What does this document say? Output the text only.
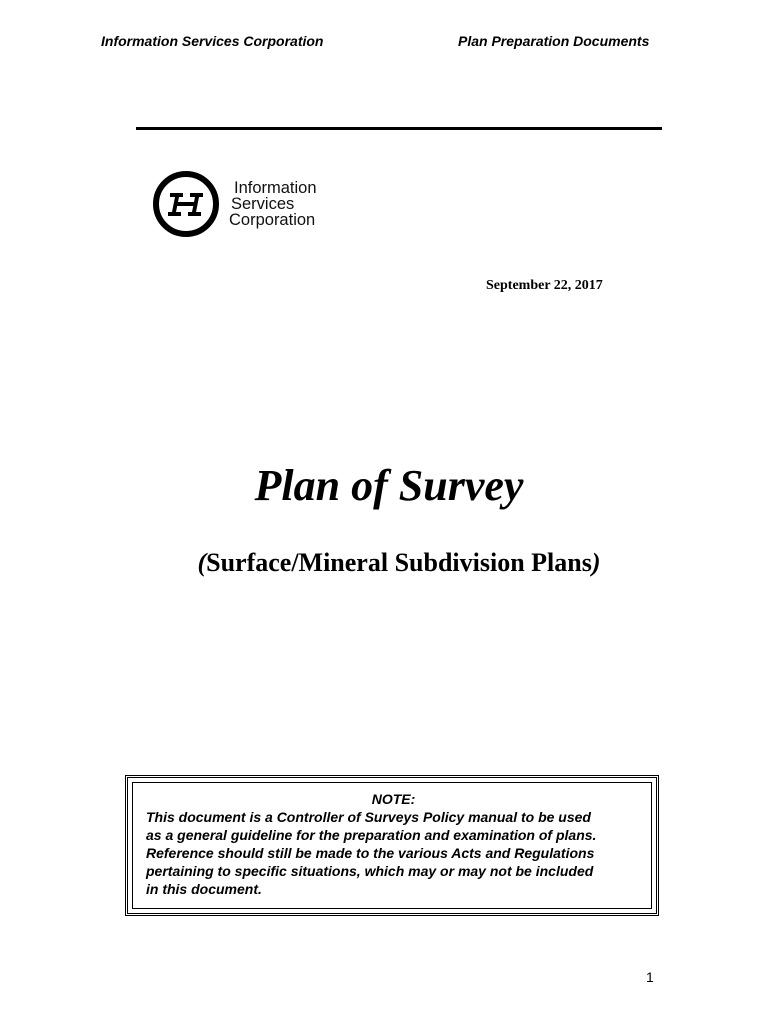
Information Services Corporation	Plan Preparation Documents
Information
Services
Corporation
September 22, 2017
Plan of Survey
(Surface/Mineral Subdivision Plans)
NOTE:
This document is a Controller of Surveys Policy manual to be used
as a general guideline for the preparation and examination of plans.
Reference should still be made to the various Acts and Regulations
pertaining to specific situations, which may or may not be included
in this document.
1
